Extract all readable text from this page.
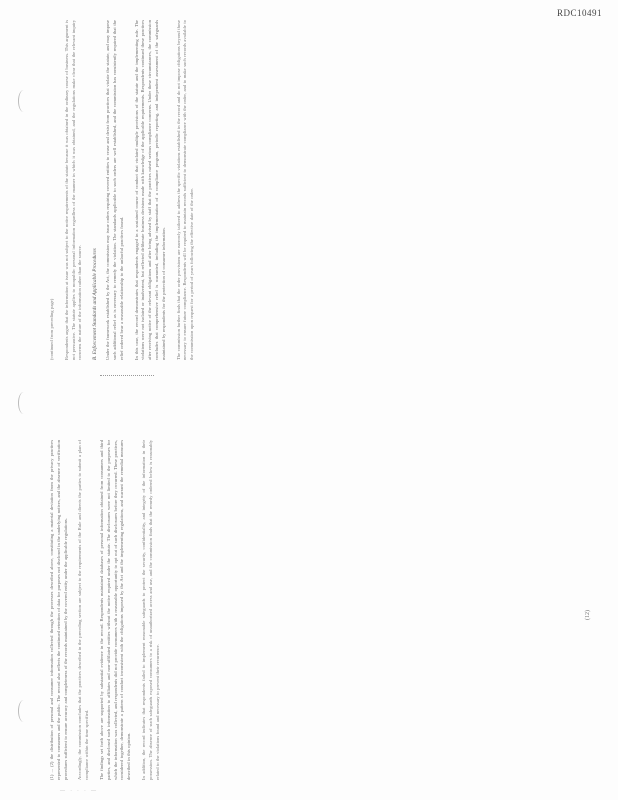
RDC10491

(1) ... (2) the distribution of personal and consumer information collected through the processes described above, constituting a material deviation from the privacy practices represented to consumers and the public. The record also reflects the continued retention of data for purposes not disclosed in the underlying notices, and the absence of verification procedures sufficient to ensure accuracy and completeness of the records maintained by the covered entity under the applicable regulations.	Accordingly, the commission concludes that the practices described in the preceding section are subject to the requirements of the Rule and directs the parties to submit a plan of compliance within the time specified.	The findings set forth above are supported by substantial evidence in the record. Respondents maintained databases of personal information obtained from consumers and third parties, and disclosed such information to affiliates and non-affiliated entities without the notice required under the statute. The disclosures were not limited to the purposes for which the information was collected, and respondents did not provide consumers with a reasonable opportunity to opt out of such disclosures before they occurred. These practices, considered together, demonstrate a pattern of conduct inconsistent with the obligations imposed by the Act and the implementing regulations, and warrant the remedial measures described in this opinion.	In addition, the record indicates that respondents failed to implement reasonable safeguards to protect the security, confidentiality, and integrity of the information in their possession. The absence of such safeguards exposed consumers to a risk of unauthorized access and use, and the commission finds that the remedy ordered below is reasonably related to the violations found and necessary to prevent their recurrence.

(12)

(continued from preceding page)	Respondents argue that the information at issue was not subject to the notice requirements of the statute because it was obtained in the ordinary course of business. This argument is not persuasive. The statute applies to nonpublic personal information regardless of the manner in which it was obtained, and the regulations make clear that the relevant inquiry concerns the nature of the information rather than the source.	B. Enforcement Standards and Applicable Procedures Under the framework established by the Act, the commission may issue orders requiring covered entities to cease and desist from practices that violate the statute, and may impose such additional relief as is necessary to remedy the violation. The standards applicable to such orders are well established, and the commission has consistently required that the relief ordered bear a reasonable relationship to the unlawful practices found.	In this case, the record demonstrates that respondents engaged in a sustained course of conduct that violated multiple provisions of the statute and the implementing rule. The violations were not isolated or inadvertent, but reflected deliberate business decisions made with knowledge of the applicable requirements. Respondents continued these practices after receiving notice of the relevant obligations and after being advised by staff that the practices raised serious compliance concerns. Under these circumstances, the commission concludes that comprehensive relief is warranted, including the implementation of a compliance program, periodic reporting, and independent assessment of the safeguards maintained by respondents for the protection of consumer information.	The commission further finds that the order provisions are narrowly tailored to address the specific violations established in the record and do not impose obligations beyond those necessary to ensure future compliance. Respondents will be required to maintain records sufficient to demonstrate compliance with the order, and to make such records available to the commission upon request for a period of years following the effective date of the order.

— · · · —
